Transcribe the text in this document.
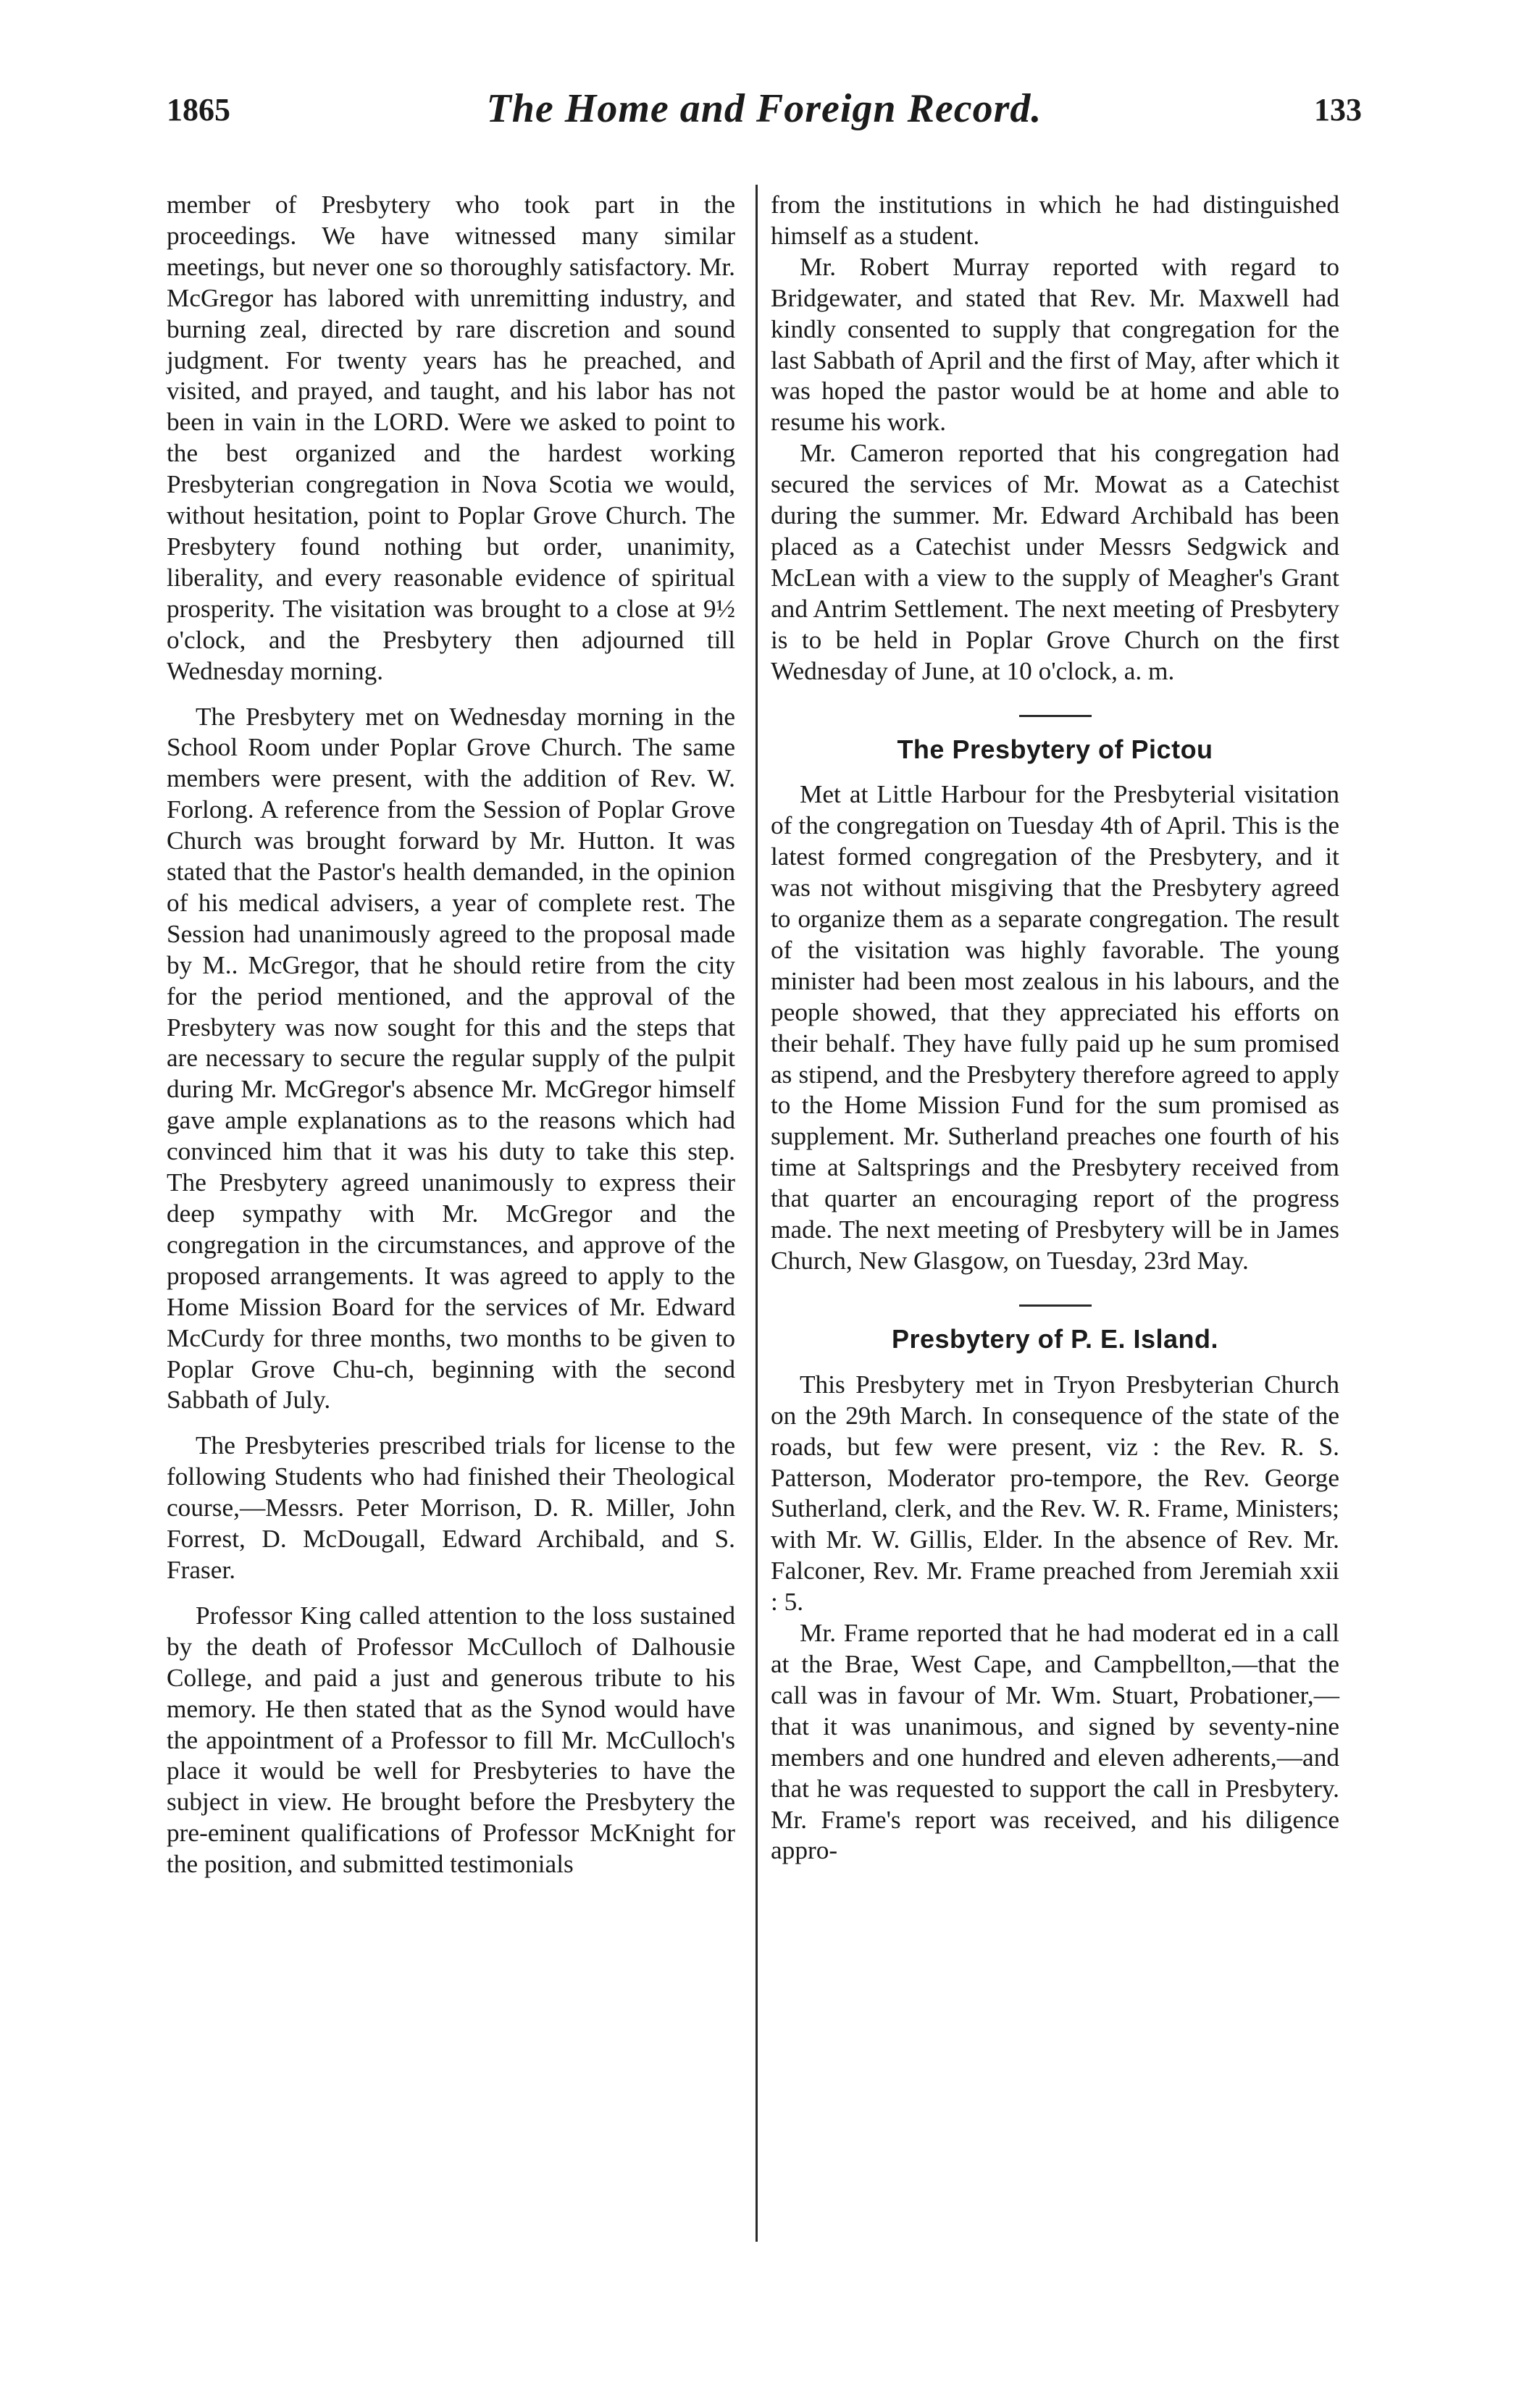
1865	The Home and Foreign Record.	133

member of Presbytery who took part in the proceedings. We have witnessed many similar meetings, but never one so thoroughly satisfactory. Mr. McGregor has labored with unremitting industry, and burning zeal, directed by rare discretion and sound judgment. For twenty years has he preached, and visited, and prayed, and taught, and his labor has not been in vain in the LORD. Were we asked to point to the best organized and the hardest working Presbyterian congregation in Nova Scotia we would, without hesitation, point to Poplar Grove Church. The Presbytery found nothing but order, unanimity, liberality, and every reasonable evidence of spiritual prosperity. The visitation was brought to a close at 9½ o'clock, and the Presbytery then adjourned till Wednesday morning.

The Presbytery met on Wednesday morning in the School Room under Poplar Grove Church. The same members were present, with the addition of Rev. W. Forlong. A reference from the Session of Poplar Grove Church was brought forward by Mr. Hutton. It was stated that the Pastor's health demanded, in the opinion of his medical advisers, a year of complete rest. The Session had unanimously agreed to the proposal made by M.. McGregor, that he should retire from the city for the period mentioned, and the approval of the Presbytery was now sought for this and the steps that are necessary to secure the regular supply of the pulpit during Mr. McGregor's absence Mr. McGregor himself gave ample explanations as to the reasons which had convinced him that it was his duty to take this step. The Presbytery agreed unanimously to express their deep sympathy with Mr. McGregor and the congregation in the circumstances, and approve of the proposed arrangements. It was agreed to apply to the Home Mission Board for the services of Mr. Edward McCurdy for three months, two months to be given to Poplar Grove Chu-ch, beginning with the second Sabbath of July.

The Presbyteries prescribed trials for license to the following Students who had finished their Theological course,—Messrs. Peter Morrison, D. R. Miller, John Forrest, D. McDougall, Edward Archibald, and S. Fraser.

Professor King called attention to the loss sustained by the death of Professor McCulloch of Dalhousie College, and paid a just and generous tribute to his memory. He then stated that as the Synod would have the appointment of a Professor to fill Mr. McCulloch's place it would be well for Presbyteries to have the subject in view. He brought before the Presbytery the pre-eminent qualifications of Professor McKnight for the position, and submitted testimonials

from the institutions in which he had distinguished himself as a student.

Mr. Robert Murray reported with regard to Bridgewater, and stated that Rev. Mr. Maxwell had kindly consented to supply that congregation for the last Sabbath of April and the first of May, after which it was hoped the pastor would be at home and able to resume his work.

Mr. Cameron reported that his congregation had secured the services of Mr. Mowat as a Catechist during the summer. Mr. Edward Archibald has been placed as a Catechist under Messrs Sedgwick and McLean with a view to the supply of Meagher's Grant and Antrim Settlement. The next meeting of Presbytery is to be held in Poplar Grove Church on the first Wednesday of June, at 10 o'clock, a. m.

The Presbytery of Pictou

Met at Little Harbour for the Presbyterial visitation of the congregation on Tuesday 4th of April. This is the latest formed congregation of the Presbytery, and it was not without misgiving that the Presbytery agreed to organize them as a separate congregation. The result of the visitation was highly favorable. The young minister had been most zealous in his labours, and the people showed, that they appreciated his efforts on their behalf. They have fully paid up he sum promised as stipend, and the Presbytery therefore agreed to apply to the Home Mission Fund for the sum promised as supplement. Mr. Sutherland preaches one fourth of his time at Saltsprings and the Presbytery received from that quarter an encouraging report of the progress made. The next meeting of Presbytery will be in James Church, New Glasgow, on Tuesday, 23rd May.

Presbytery of P. E. Island.

This Presbytery met in Tryon Presbyterian Church on the 29th March. In consequence of the state of the roads, but few were present, viz : the Rev. R. S. Patterson, Moderator pro-tempore, the Rev. George Sutherland, clerk, and the Rev. W. R. Frame, Ministers; with Mr. W. Gillis, Elder. In the absence of Rev. Mr. Falconer, Rev. Mr. Frame preached from Jeremiah xxii : 5.

Mr. Frame reported that he had moderat ed in a call at the Brae, West Cape, and Campbellton,—that the call was in favour of Mr. Wm. Stuart, Probationer,—that it was unanimous, and signed by seventy-nine members and one hundred and eleven adherents,—and that he was requested to support the call in Presbytery. Mr. Frame's report was received, and his diligence appro-
